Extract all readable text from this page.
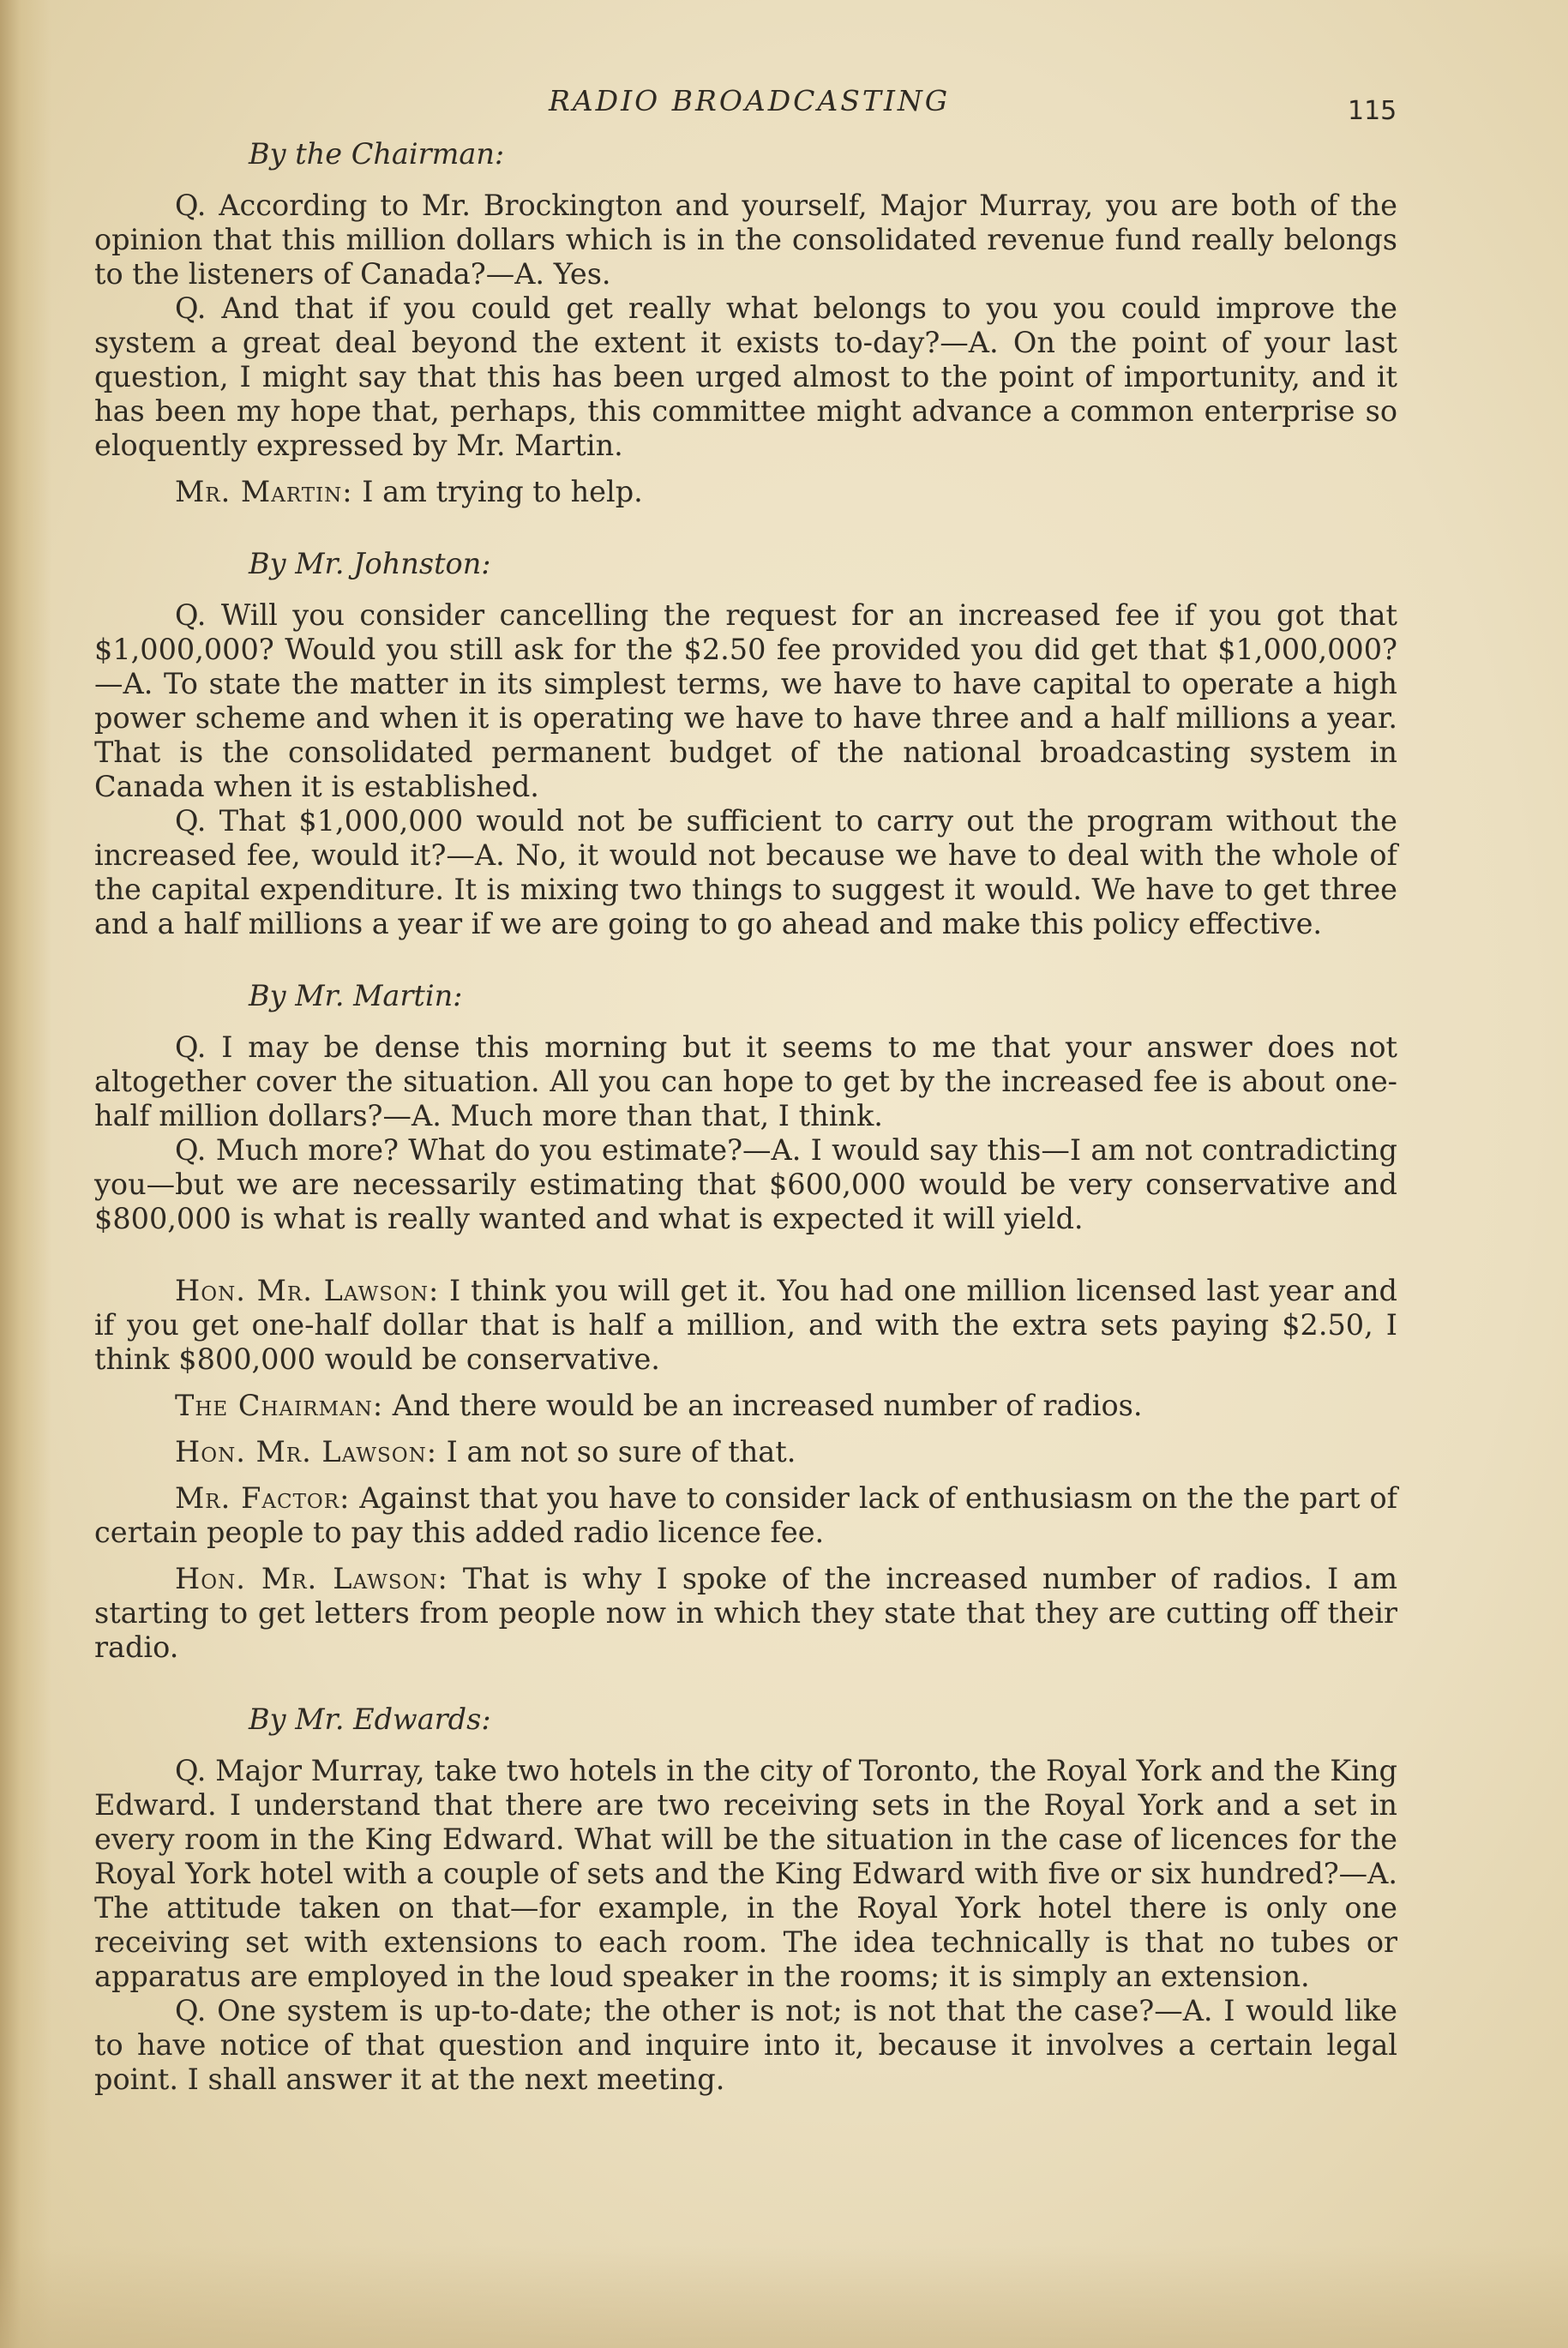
RADIO BROADCASTING	115
By the Chairman:

Q. According to Mr. Brockington and yourself, Major Murray, you are both of the opinion that this million dollars which is in the consolidated revenue fund really belongs to the listeners of Canada?—A. Yes.

Q. And that if you could get really what belongs to you you could improve the system a great deal beyond the extent it exists to-day?—A. On the point of your last question, I might say that this has been urged almost to the point of importunity, and it has been my hope that, perhaps, this committee might advance a common enterprise so eloquently expressed by Mr. Martin.

Mr. Martin: I am trying to help.

By Mr. Johnston:

Q. Will you consider cancelling the request for an increased fee if you got that $1,000,000? Would you still ask for the $2.50 fee provided you did get that $1,000,000?—A. To state the matter in its simplest terms, we have to have capital to operate a high power scheme and when it is operating we have to have three and a half millions a year. That is the consolidated permanent budget of the national broadcasting system in Canada when it is established.

Q. That $1,000,000 would not be sufficient to carry out the program without the increased fee, would it?—A. No, it would not because we have to deal with the whole of the capital expenditure. It is mixing two things to suggest it would. We have to get three and a half millions a year if we are going to go ahead and make this policy effective.

By Mr. Martin:

Q. I may be dense this morning but it seems to me that your answer does not altogether cover the situation. All you can hope to get by the increased fee is about one-half million dollars?—A. Much more than that, I think.

Q. Much more? What do you estimate?—A. I would say this—I am not contradicting you—but we are necessarily estimating that $600,000 would be very conservative and $800,000 is what is really wanted and what is expected it will yield.

Hon. Mr. Lawson: I think you will get it. You had one million licensed last year and if you get one-half dollar that is half a million, and with the extra sets paying $2.50, I think $800,000 would be conservative.

The Chairman: And there would be an increased number of radios.

Hon. Mr. Lawson: I am not so sure of that.

Mr. Factor: Against that you have to consider lack of enthusiasm on the the part of certain people to pay this added radio licence fee.

Hon. Mr. Lawson: That is why I spoke of the increased number of radios. I am starting to get letters from people now in which they state that they are cutting off their radio.

By Mr. Edwards:

Q. Major Murray, take two hotels in the city of Toronto, the Royal York and the King Edward. I understand that there are two receiving sets in the Royal York and a set in every room in the King Edward. What will be the situation in the case of licences for the Royal York hotel with a couple of sets and the King Edward with five or six hundred?—A. The attitude taken on that—for example, in the Royal York hotel there is only one receiving set with extensions to each room. The idea technically is that no tubes or apparatus are employed in the loud speaker in the rooms; it is simply an extension.

Q. One system is up-to-date; the other is not; is not that the case?—A. I would like to have notice of that question and inquire into it, because it involves a certain legal point. I shall answer it at the next meeting.
